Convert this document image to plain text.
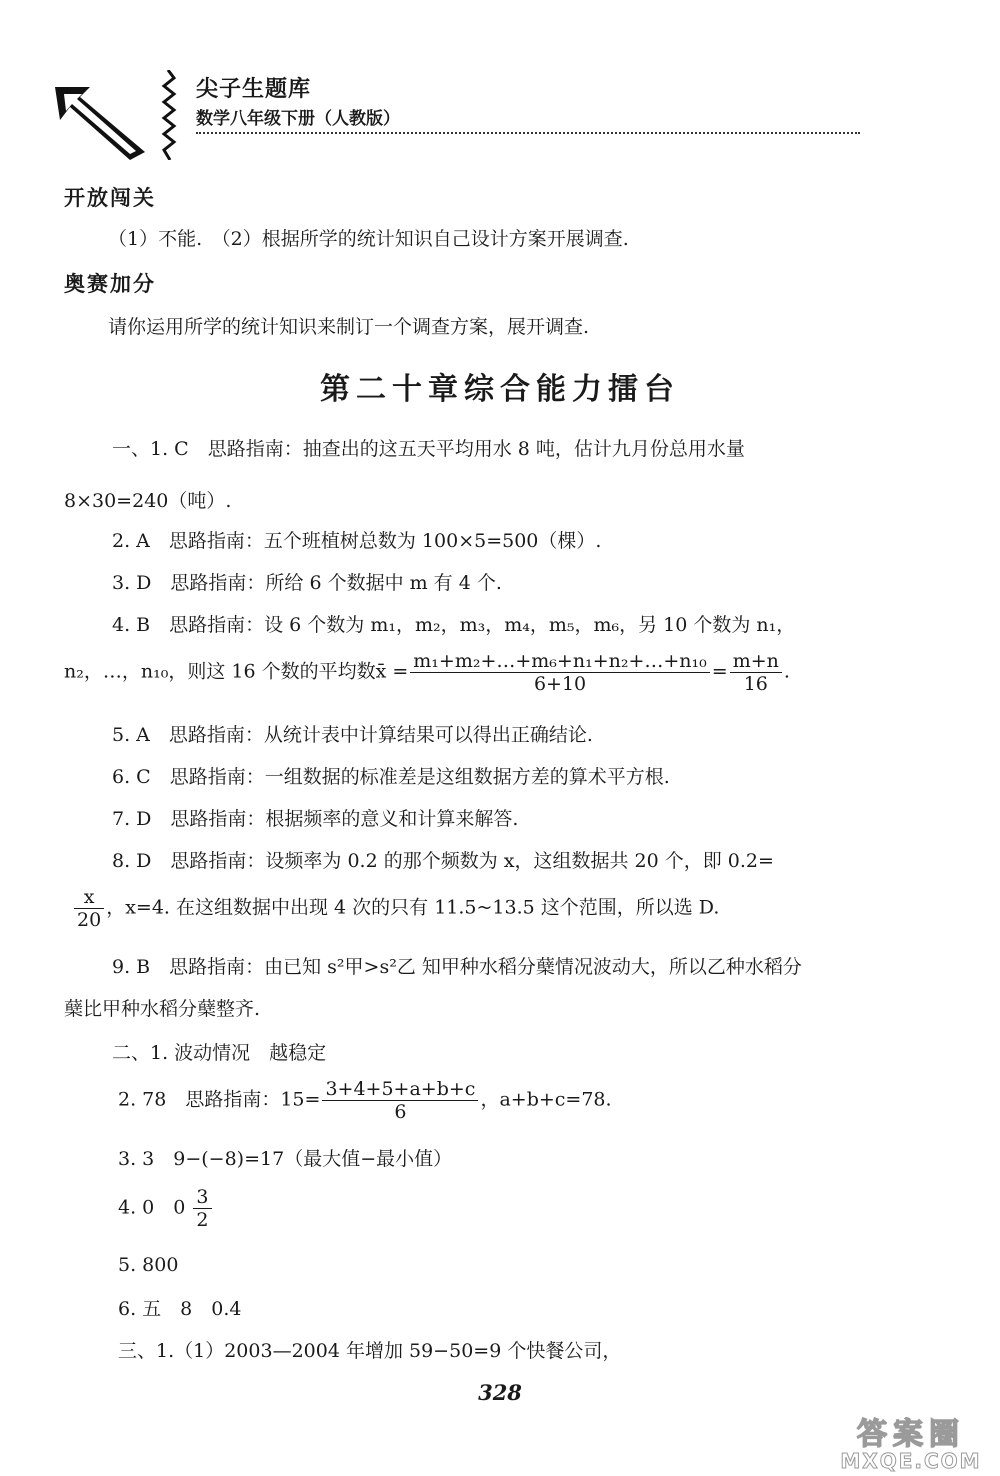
尖子生题库
数学八年级下册（人教版）
开放闯关
（1）不能.　（2）根据所学的统计知识自己设计方案开展调查.
奥赛加分
请你运用所学的统计知识来制订一个调查方案，展开调查.
第二十章综合能力擂台
一、1. C　思路指南：抽查出的这五天平均用水 8 吨，估计九月份总用水量
8×30=240（吨）.
2. A　思路指南：五个班植树总数为 100×5=500（棵）.
3. D　思路指南：所给 6 个数据中 m 有 4 个.
4. B　思路指南：设 6 个数为 m₁，m₂，m₃，m₄，m₅，m₆，另 10 个数为 n₁，
n₂，…，n₁₀，则这 16 个数的平均数x̄ = $\frac{\text{m₁+m₂+…+m₆+n₁+n₂+…+n₁₀}}{6+10} = \frac{m+n}{16}$ .
5. A　思路指南：从统计表中计算结果可以得出正确结论.
6. C　思路指南：一组数据的标准差是这组数据方差的算术平方根.
7. D　思路指南：根据频率的意义和计算来解答.
8. D　思路指南：设频率为 0.2 的那个频数为 x，这组数据共 20 个，即 0.2=
$\frac{x}{20}$ ，x=4. 在这组数据中出现 4 次的只有 11.5~13.5 这个范围，所以选 D.
9. B　思路指南：由已知 s²甲>s²乙 知甲种水稻分蘖情况波动大，所以乙种水稻分
蘖比甲种水稻分蘖整齐.
二、1. 波动情况　越稳定
2. 78　思路指南：$15= \frac{3+4+5+a+b+c}{6}$ ，a+b+c=78.
3. 3　9−(−8)=17（最大值−最小值）
4. 0　$0 \frac{3}{2}$
5. 800
6. 五　8　0.4
三、1.（1）2003—2004 年增加 59−50=9 个快餐公司，
328
答案圈
MXQE.COM
